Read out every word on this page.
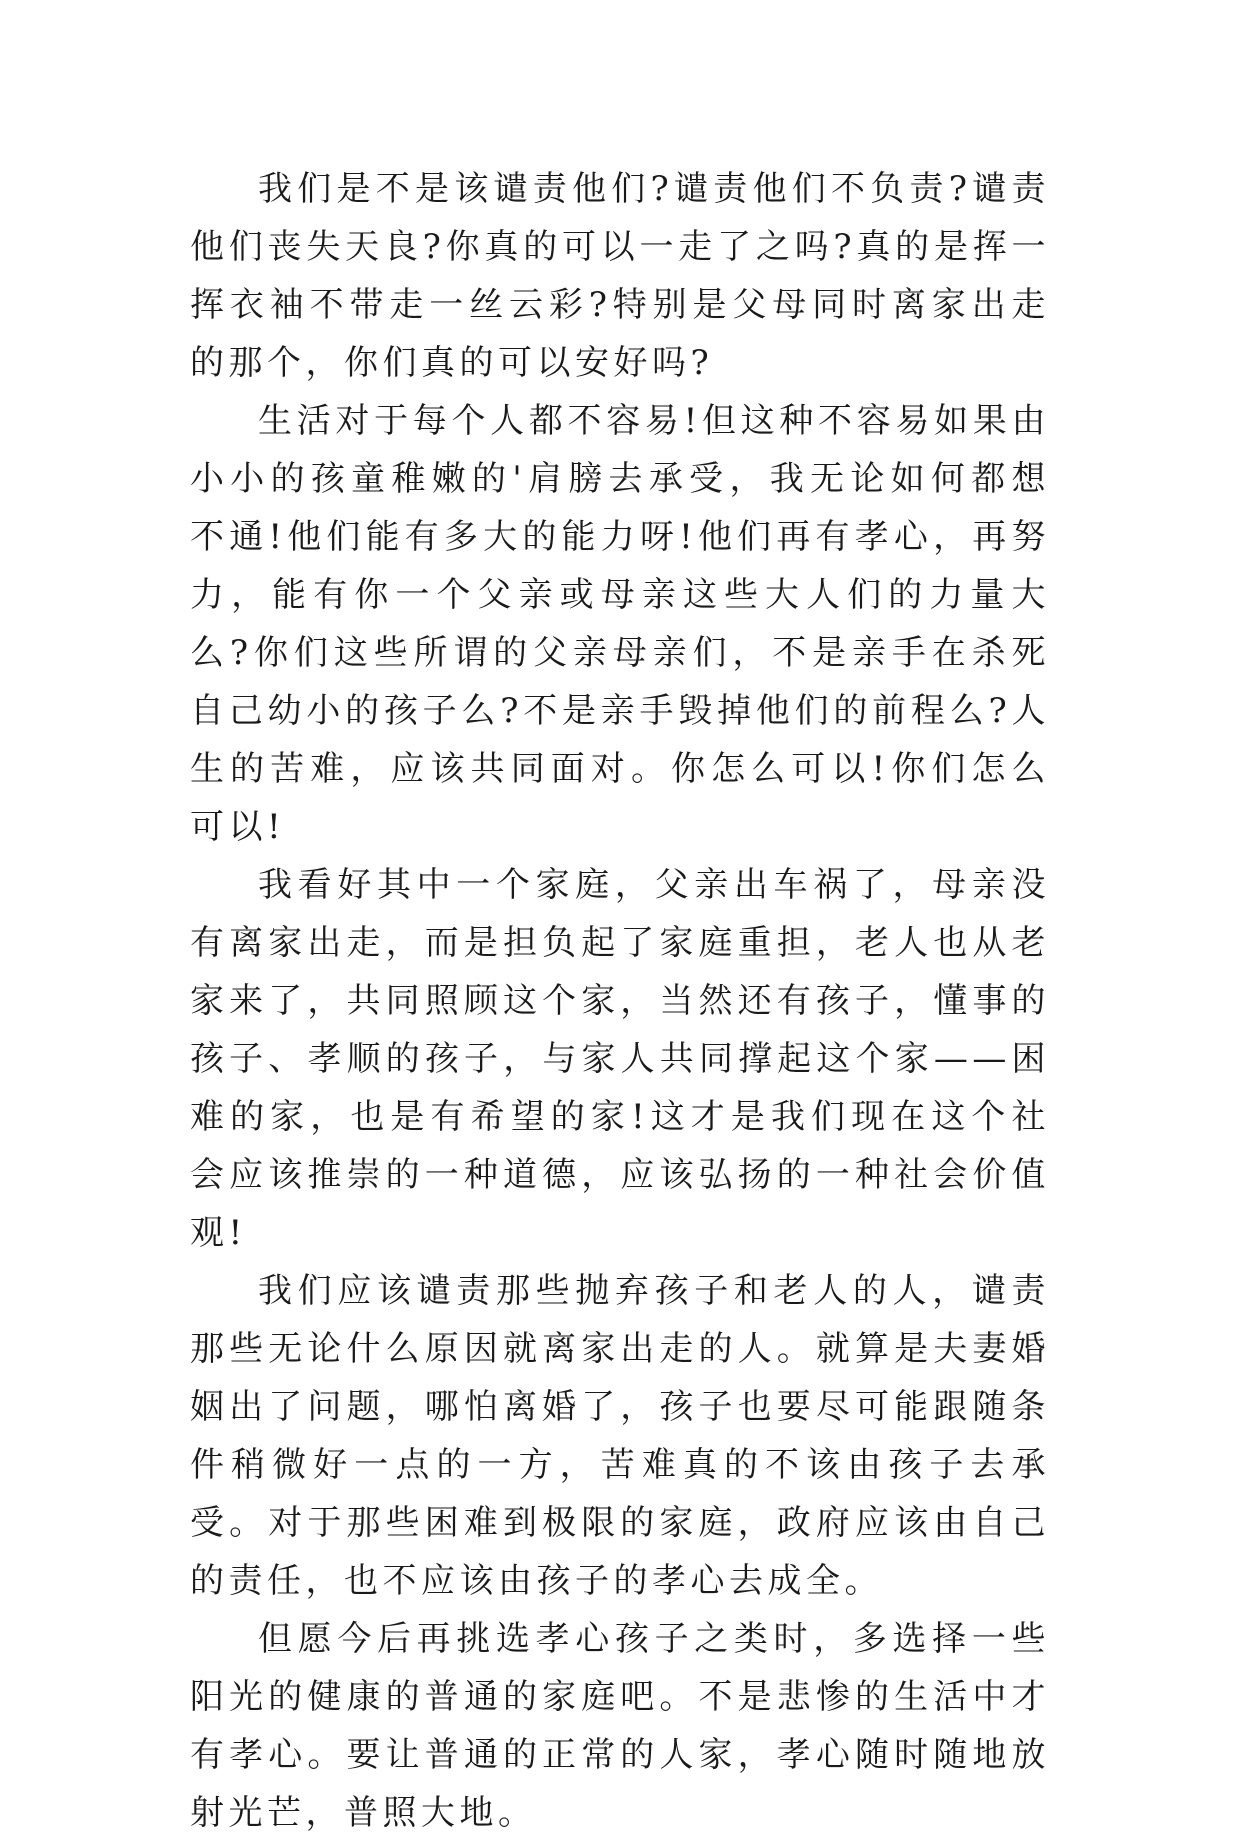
我们是不是该谴责他们?谴责他们不负责?谴责他们丧失天良?你真的可以一走了之吗?真的是挥一挥衣袖不带走一丝云彩?特别是父母同时离家出走的那个，你们真的可以安好吗?

生活对于每个人都不容易!但这种不容易如果由小小的孩童稚嫩的'肩膀去承受，我无论如何都想不通!他们能有多大的能力呀!他们再有孝心，再努力，能有你一个父亲或母亲这些大人们的力量大么?你们这些所谓的父亲母亲们，不是亲手在杀死自己幼小的孩子么?不是亲手毁掉他们的前程么?人生的苦难，应该共同面对。你怎么可以!你们怎么可以!

我看好其中一个家庭，父亲出车祸了，母亲没有离家出走，而是担负起了家庭重担，老人也从老家来了，共同照顾这个家，当然还有孩子，懂事的孩子、孝顺的孩子，与家人共同撑起这个家——困难的家，也是有希望的家!这才是我们现在这个社会应该推崇的一种道德，应该弘扬的一种社会价值观!

我们应该谴责那些抛弃孩子和老人的人，谴责那些无论什么原因就离家出走的人。就算是夫妻婚姻出了问题，哪怕离婚了，孩子也要尽可能跟随条件稍微好一点的一方，苦难真的不该由孩子去承受。对于那些困难到极限的家庭，政府应该由自己的责任，也不应该由孩子的孝心去成全。

但愿今后再挑选孝心孩子之类时，多选择一些阳光的健康的普通的家庭吧。不是悲惨的生活中才有孝心。要让普通的正常的人家，孝心随时随地放射光芒，普照大地。
